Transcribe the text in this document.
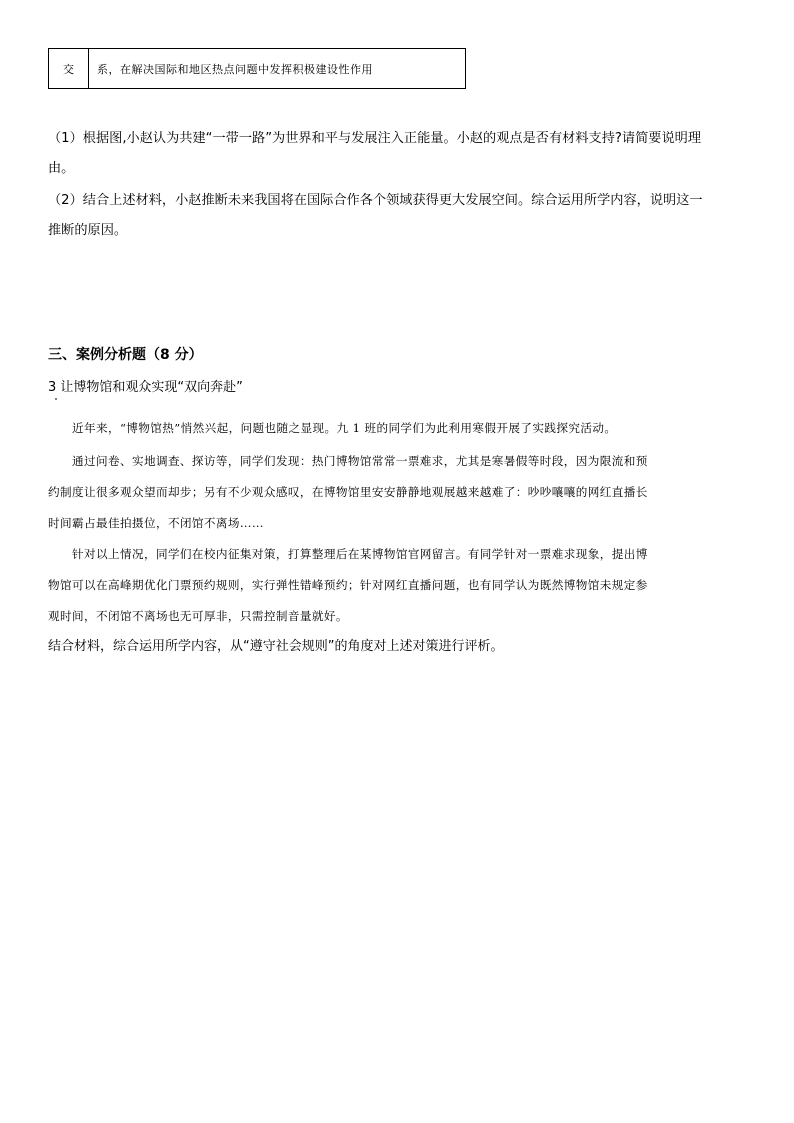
交	系，在解决国际和地区热点问题中发挥积极建设性作用
（1）根据图,小赵认为共建“一带一路”为世界和平与发展注入正能量。小赵的观点是否有材料支持?请简要说明理
由。
（2）结合上述材料，小赵推断未来我国将在国际合作各个领域获得更大发展空间。综合运用所学内容，说明这一
推断的原因。
三、案例分析题（8 分）
3 让博物馆和观众实现“双向奔赴”
　　近年来，“博物馆热”悄然兴起，问题也随之显现。九 1 班的同学们为此利用寒假开展了实践探究活动。
　　通过问卷、实地调查、探访等，同学们发现：热门博物馆常常一票难求，尤其是寒暑假等时段，因为限流和预
约制度让很多观众望而却步；另有不少观众感叹，在博物馆里安安静静地观展越来越难了：吵吵嚷嚷的网红直播长
时间霸占最佳拍摄位，不闭馆不离场……
　　针对以上情况，同学们在校内征集对策，打算整理后在某博物馆官网留言。有同学针对一票难求现象，提出博
物馆可以在高峰期优化门票预约规则，实行弹性错峰预约；针对网红直播问题，也有同学认为既然博物馆未规定参
观时间，不闭馆不离场也无可厚非，只需控制音量就好。
结合材料，综合运用所学内容，从“遵守社会规则”的角度对上述对策进行评析。
